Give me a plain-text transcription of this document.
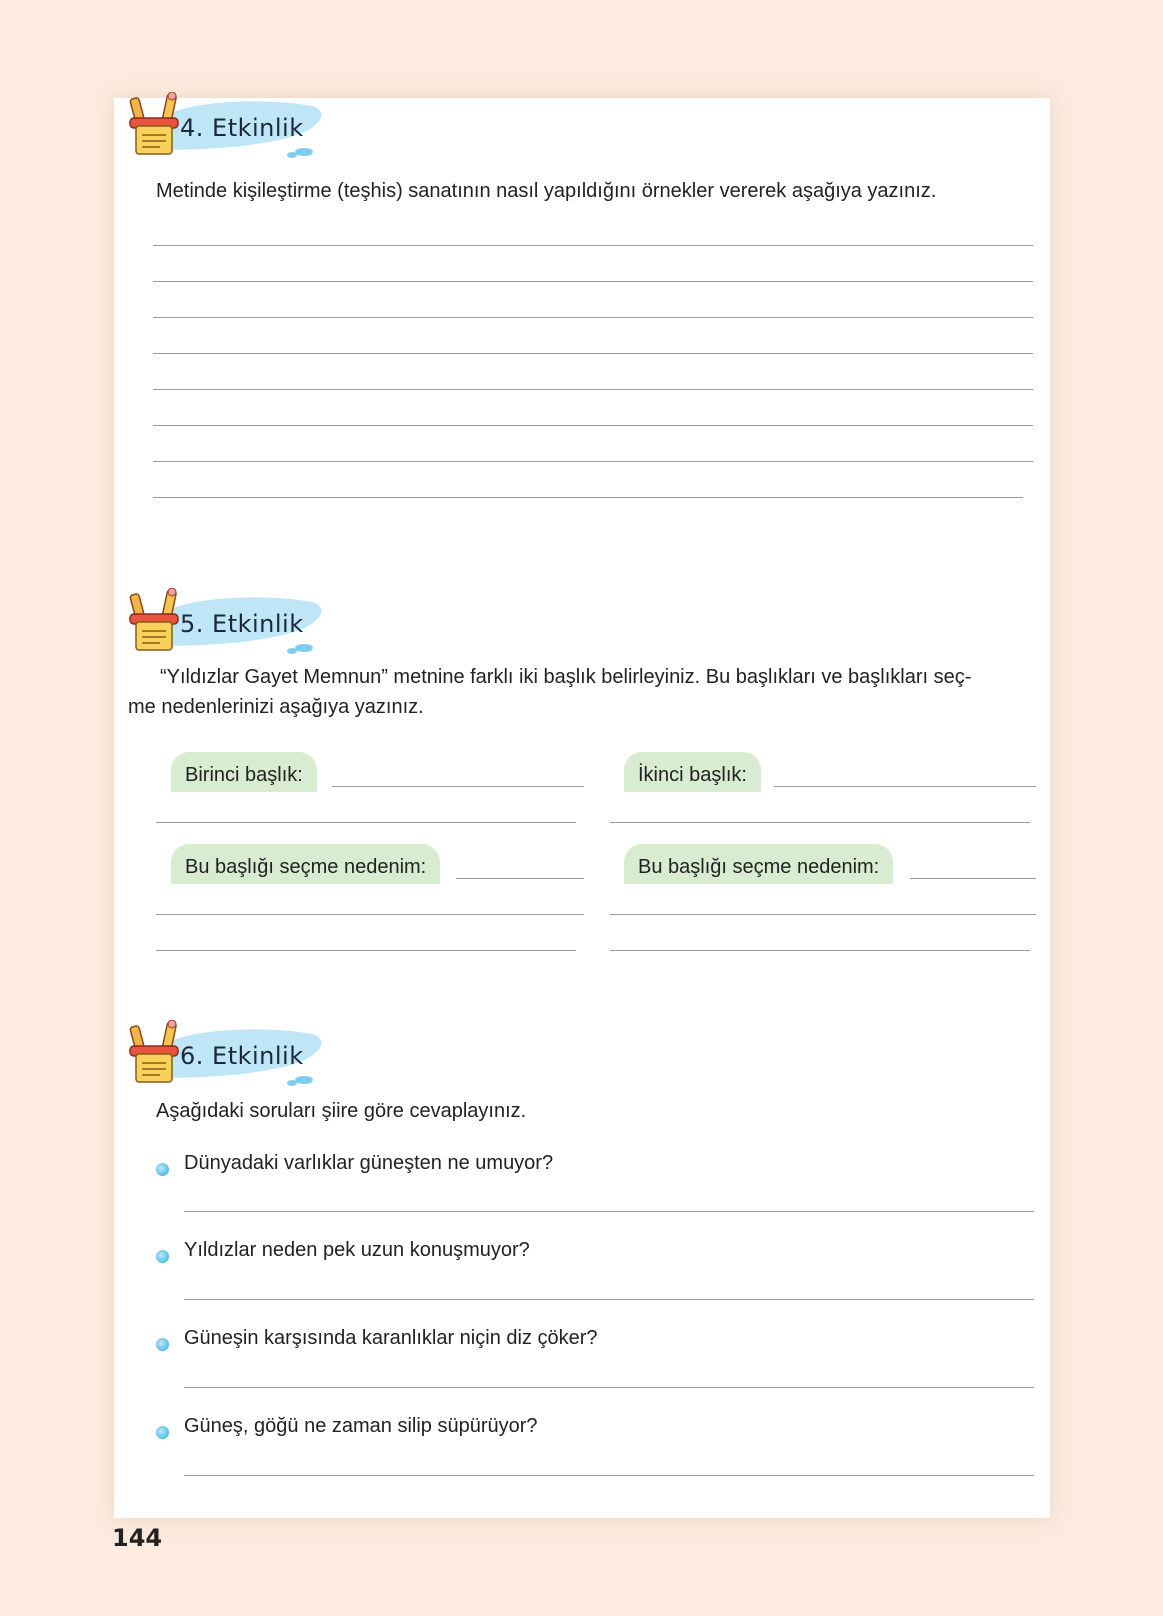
4. Etkinlik
Metinde kişileştirme (teşhis) sanatının nasıl yapıldığını örnekler vererek aşağıya yazınız.
5. Etkinlik
“Yıldızlar Gayet Memnun” metnine farklı iki başlık belirleyiniz. Bu başlıkları ve başlıkları seç-
me nedenlerinizi aşağıya yazınız.
Birinci başlık:
Bu başlığı seçme nedenim:
İkinci başlık:
Bu başlığı seçme nedenim:
6. Etkinlik
Aşağıdaki soruları şiire göre cevaplayınız.
Dünyadaki varlıklar güneşten ne umuyor?
Yıldızlar neden pek uzun konuşmuyor?
Güneşin karşısında karanlıklar niçin diz çöker?
Güneş, göğü ne zaman silip süpürüyor?
144
